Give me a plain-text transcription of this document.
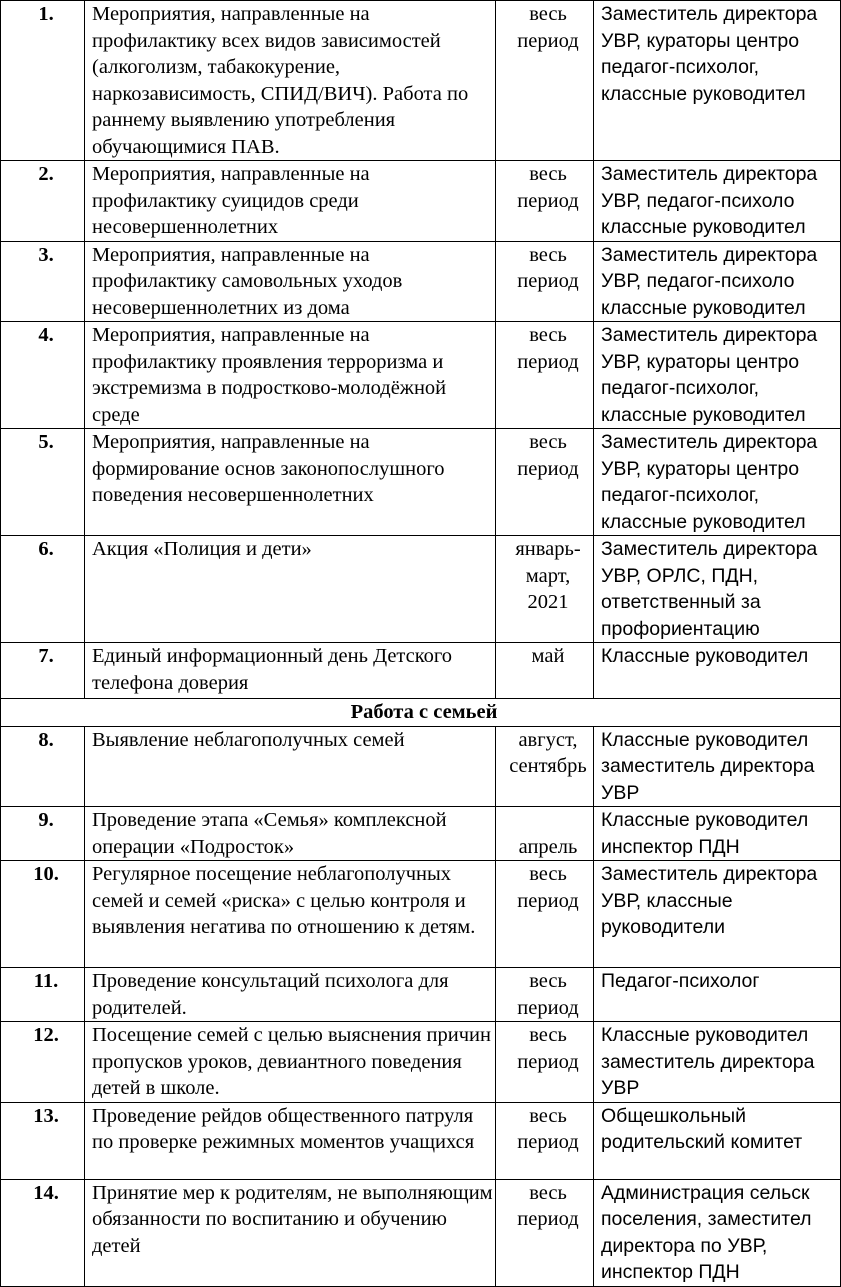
1.	Мероприятия, направленные на профилактику всех видов зависимостей (алкоголизм, табакокурение, наркозависимость, СПИД/ВИЧ). Работа по раннему выявлению употребления обучающимися ПАВ.	весь период	Заместитель директора
УВР, кураторы центро
педагог-психолог,
классные руководител

2.	Мероприятия, направленные на профилактику суицидов среди несовершеннолетних	весь период	Заместитель директора
УВР, педагог-психоло
классные руководител

3.	Мероприятия, направленные на профилактику самовольных уходов несовершеннолетних из дома	весь период	Заместитель директора
УВР, педагог-психоло
классные руководител

4.	Мероприятия, направленные на профилактику проявления терроризма и экстремизма в подростково-молодёжной среде	весь период	Заместитель директора
УВР, кураторы центро
педагог-психолог,
классные руководител

5.	Мероприятия, направленные на формирование основ законопослушного поведения несовершеннолетних	весь период	Заместитель директора
УВР, кураторы центро
педагог-психолог,
классные руководител

6.	Акция «Полиция и дети»	январь-март, 2021	Заместитель директора
УВР, ОРЛС, ПДН,
ответственный за
профориентацию

7.	Единый информационный день Детского телефона доверия	май	Классные руководител

Работа с семьей			
8.	Выявление неблагополучных семей	август, сентябрь	Классные руководител
заместитель директора
УВР

9.	Проведение этапа «Семья» комплексной операции «Подросток»	апрель	Классные руководител
инспектор ПДН

10.	Регулярное посещение неблагополучных семей и семей «риска» с целью контроля и выявления негатива по отношению к детям.	весь период	Заместитель директора
УВР, классные
руководители

11.	Проведение консультаций психолога для родителей.	весь период	Педагог-психолог

12.	Посещение семей с целью выяснения причин пропусков уроков, девиантного поведения детей в школе.	весь период	Классные руководител
заместитель директора
УВР

13.	Проведение рейдов общественного патруля по проверке режимных моментов учащихся	весь период	Общешкольный
родительский комитет

14.	Принятие мер к родителям, не выполняющим обязанности по воспитанию и обучению детей	весь период	Администрация сельск
поселения, заместител
директора по УВР,
инспектор ПДН
